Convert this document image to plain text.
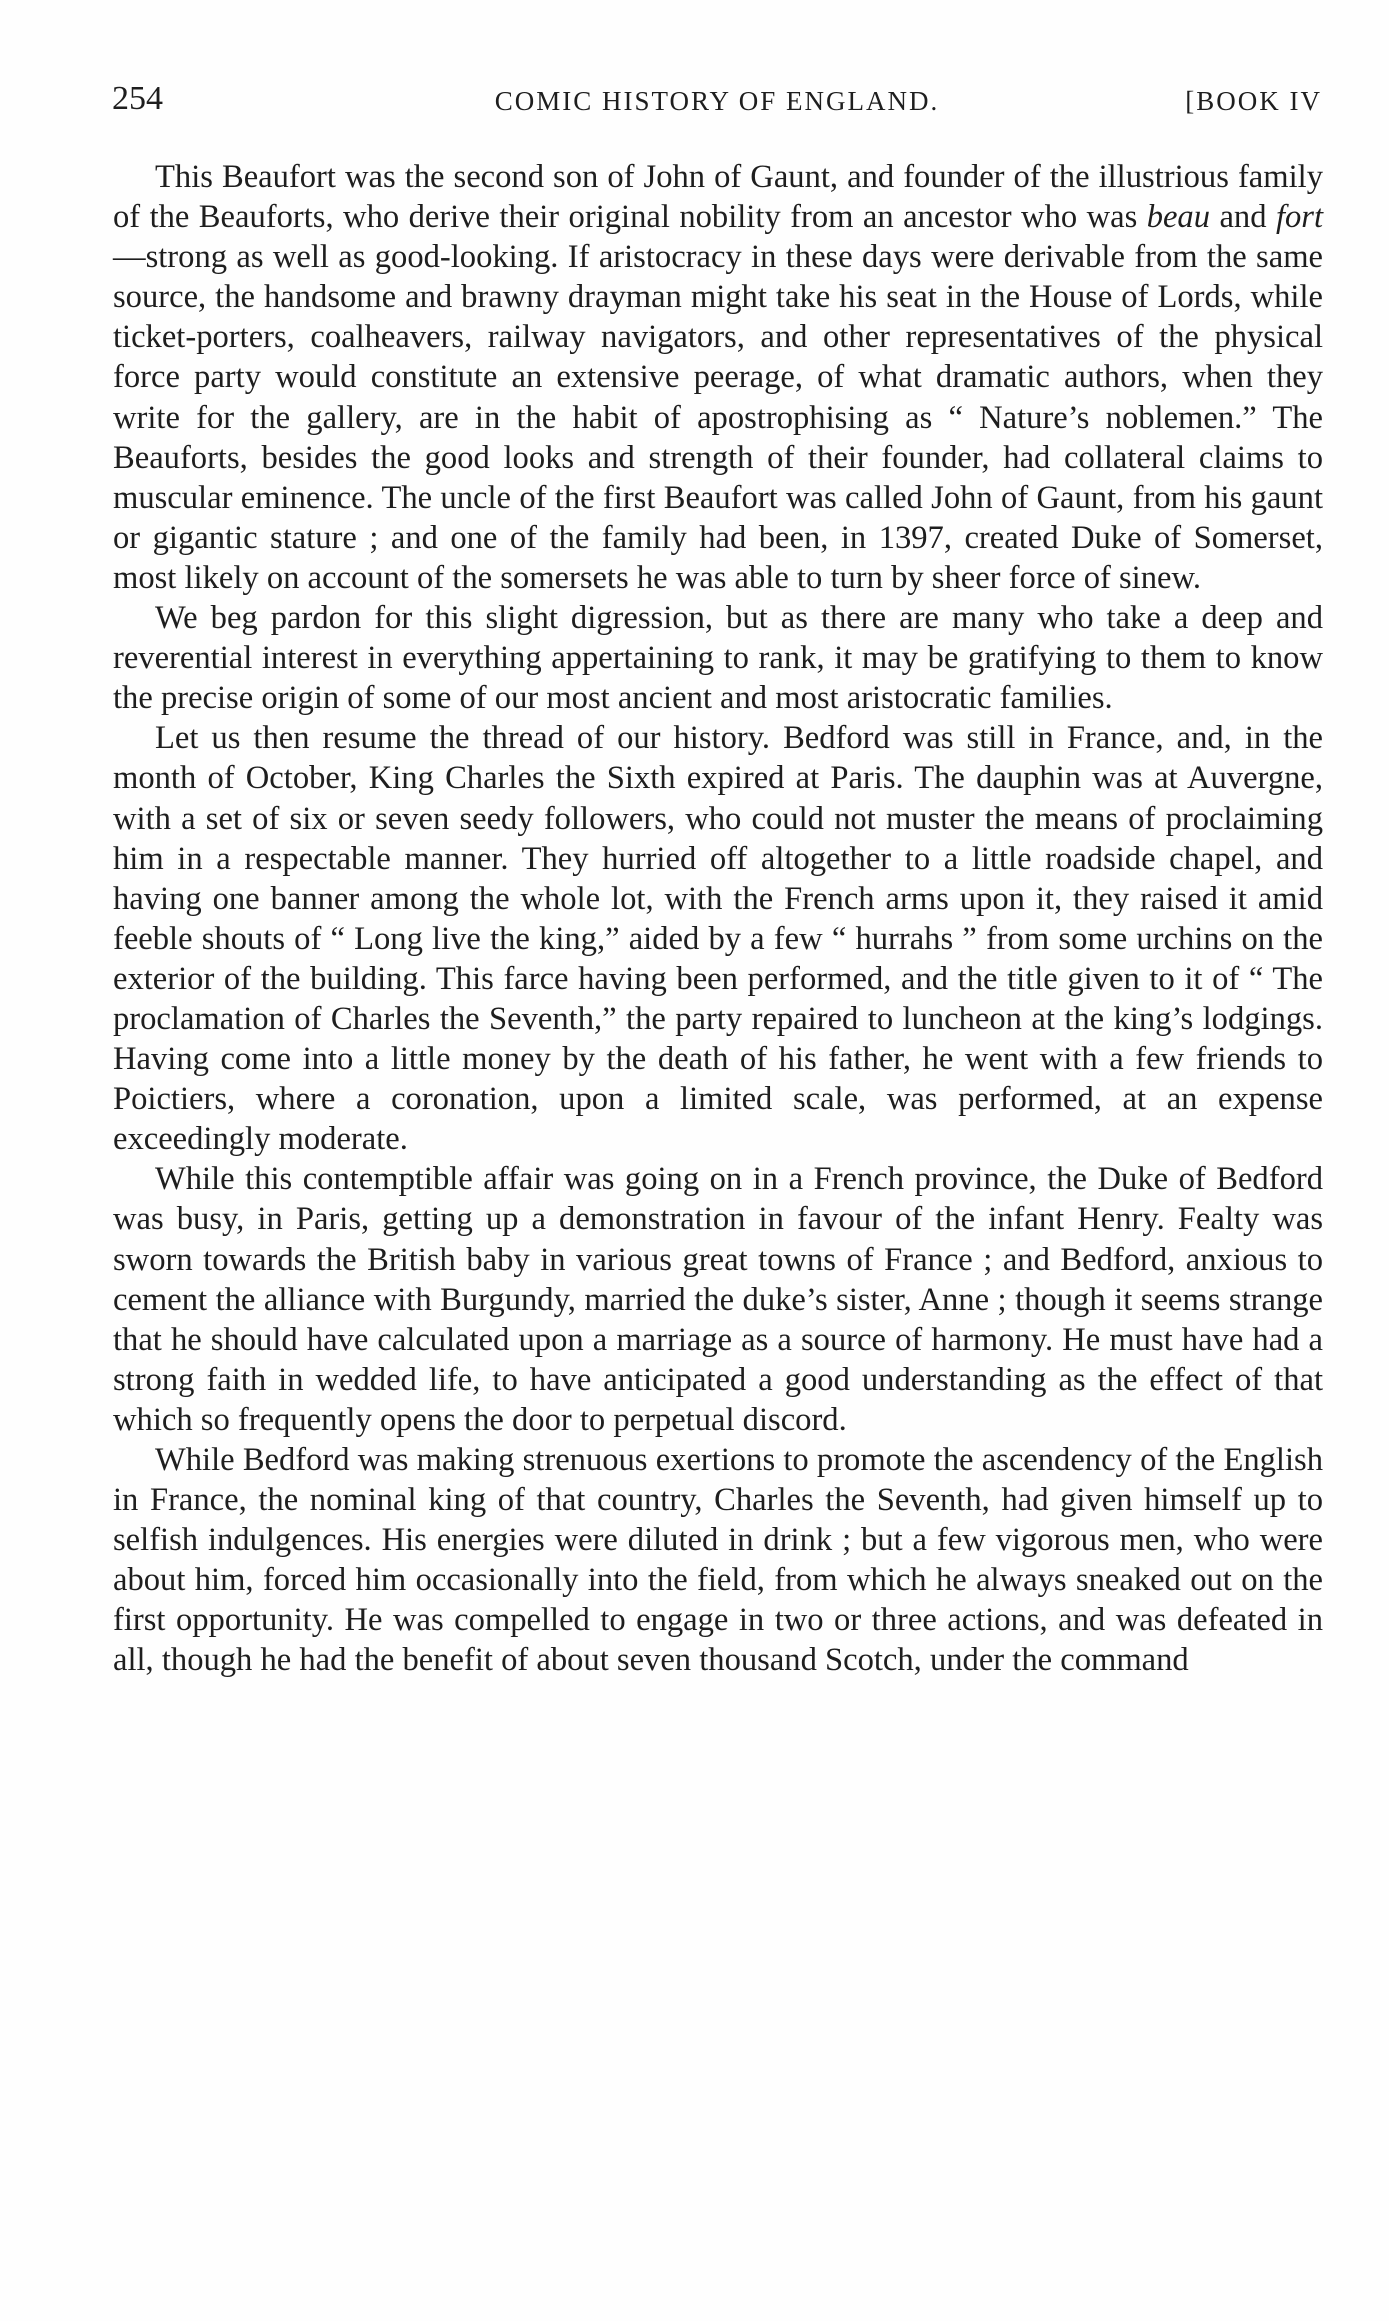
254	COMIC HISTORY OF ENGLAND.	[BOOK IV

This Beaufort was the second son of John of Gaunt, and founder of the illustrious family of the Beauforts, who derive their original nobility from an ancestor who was beau and fort—strong as well as good-looking. If aristocracy in these days were derivable from the same source, the handsome and brawny drayman might take his seat in the House of Lords, while ticket-porters, coalheavers, railway navigators, and other representatives of the physical force party would constitute an extensive peerage, of what dramatic authors, when they write for the gallery, are in the habit of apostrophising as “ Nature’s noblemen.” The Beauforts, besides the good looks and strength of their founder, had collateral claims to muscular eminence. The uncle of the first Beaufort was called John of Gaunt, from his gaunt or gigantic stature ; and one of the family had been, in 1397, created Duke of Somerset, most likely on account of the somersets he was able to turn by sheer force of sinew.

We beg pardon for this slight digression, but as there are many who take a deep and reverential interest in everything appertaining to rank, it may be gratifying to them to know the precise origin of some of our most ancient and most aristocratic families.

Let us then resume the thread of our history. Bedford was still in France, and, in the month of October, King Charles the Sixth expired at Paris. The dauphin was at Auvergne, with a set of six or seven seedy followers, who could not muster the means of proclaiming him in a respectable manner. They hurried off altogether to a little roadside chapel, and having one banner among the whole lot, with the French arms upon it, they raised it amid feeble shouts of “ Long live the king,” aided by a few “ hurrahs ” from some urchins on the exterior of the building. This farce having been performed, and the title given to it of “ The proclamation of Charles the Seventh,” the party repaired to luncheon at the king’s lodgings. Having come into a little money by the death of his father, he went with a few friends to Poictiers, where a coronation, upon a limited scale, was performed, at an expense exceedingly moderate.

While this contemptible affair was going on in a French province, the Duke of Bedford was busy, in Paris, getting up a demonstration in favour of the infant Henry. Fealty was sworn towards the British baby in various great towns of France ; and Bedford, anxious to cement the alliance with Burgundy, married the duke’s sister, Anne ; though it seems strange that he should have calculated upon a marriage as a source of harmony. He must have had a strong faith in wedded life, to have anticipated a good understanding as the effect of that which so frequently opens the door to perpetual discord.

While Bedford was making strenuous exertions to promote the ascendency of the English in France, the nominal king of that country, Charles the Seventh, had given himself up to selfish indulgences. His energies were diluted in drink ; but a few vigorous men, who were about him, forced him occasionally into the field, from which he always sneaked out on the first opportunity. He was compelled to engage in two or three actions, and was defeated in all, though he had the benefit of about seven thousand Scotch, under the command
